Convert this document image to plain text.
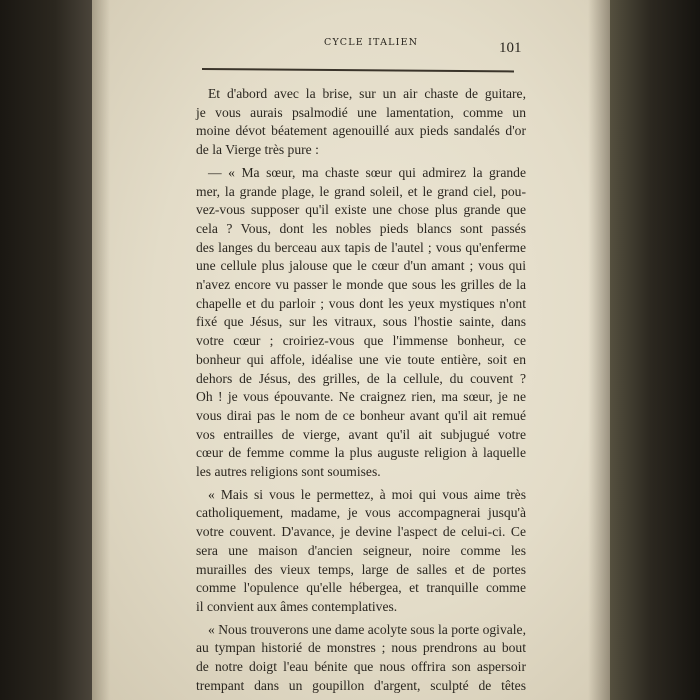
CYCLE ITALIEN	101
Et d'abord avec la brise, sur un air chaste de guitare,
je vous aurais psalmodié une lamentation, comme un
moine dévot béatement agenouillé aux pieds sandalés d'or
de la Vierge très pure :
— « Ma sœur, ma chaste sœur qui admirez la grande
mer, la grande plage, le grand soleil, et le grand ciel, pou-
vez-vous supposer qu'il existe une chose plus grande que
cela ? Vous, dont les nobles pieds blancs sont passés
des langes du berceau aux tapis de l'autel ; vous qu'enferme
une cellule plus jalouse que le cœur d'un amant ; vous qui
n'avez encore vu passer le monde que sous les grilles de la
chapelle et du parloir ; vous dont les yeux mystiques n'ont
fixé que Jésus, sur les vitraux, sous l'hostie sainte, dans
votre cœur ; croiriez-vous que l'immense bonheur, ce
bonheur qui affole, idéalise une vie toute entière, soit en
dehors de Jésus, des grilles, de la cellule, du couvent ?
Oh ! je vous épouvante. Ne craignez rien, ma sœur, je ne
vous dirai pas le nom de ce bonheur avant qu'il ait remué
vos entrailles de vierge, avant qu'il ait subjugué votre
cœur de femme comme la plus auguste religion à laquelle
les autres religions sont soumises.
« Mais si vous le permettez, à moi qui vous aime très
catholiquement, madame, je vous accompagnerai jusqu'à
votre couvent. D'avance, je devine l'aspect de celui-ci. Ce
sera une maison d'ancien seigneur, noire comme les
murailles des vieux temps, large de salles et de portes
comme l'opulence qu'elle hébergea, et tranquille comme
il convient aux âmes contemplatives.
« Nous trouverons une dame acolyte sous la porte ogivale,
au tympan historié de monstres ; nous prendrons au bout
de notre doigt l'eau bénite que nous offrira son aspersoir
trempant dans un goupillon d'argent, sculpté de têtes
